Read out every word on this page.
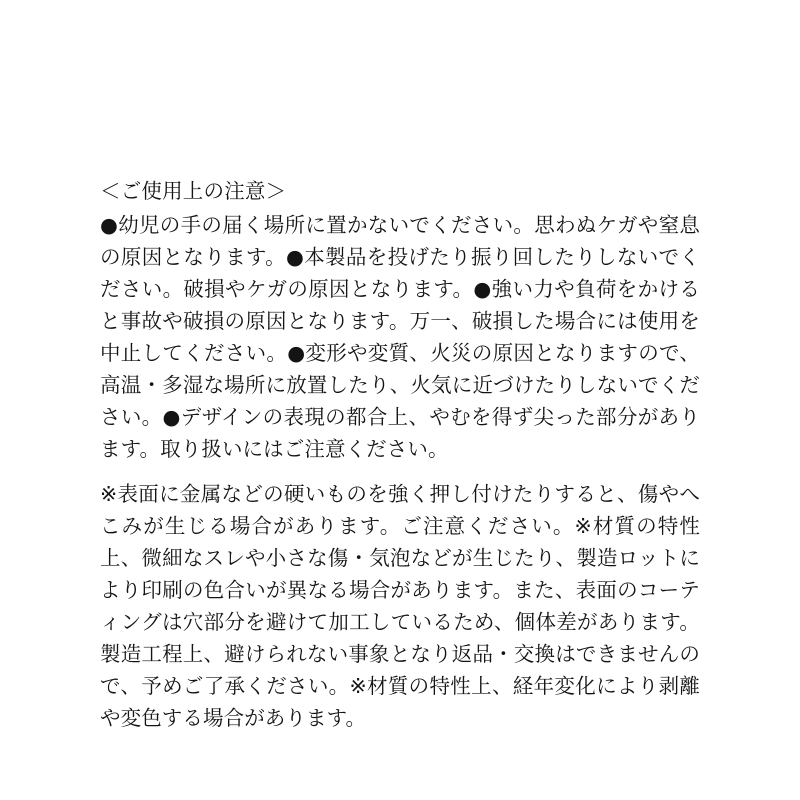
＜ご使用上の注意＞

●幼児の手の届く場所に置かないでください。思わぬケガや窒息の原因となります。●本製品を投げたり振り回したりしないでください。破損やケガの原因となります。●強い力や負荷をかけると事故や破損の原因となります。万一、破損した場合には使用を中止してください。●変形や変質、火災の原因となりますので、高温・多湿な場所に放置したり、火気に近づけたりしないでください。●デザインの表現の都合上、やむを得ず尖った部分があります。取り扱いにはご注意ください。

※表面に金属などの硬いものを強く押し付けたりすると、傷やへこみが生じる場合があります。ご注意ください。※材質の特性上、微細なスレや小さな傷・気泡などが生じたり、製造ロットにより印刷の色合いが異なる場合があります。また、表面のコーティングは穴部分を避けて加工しているため、個体差があります。製造工程上、避けられない事象となり返品・交換はできませんので、予めご了承ください。※材質の特性上、経年変化により剥離や変色する場合があります。
